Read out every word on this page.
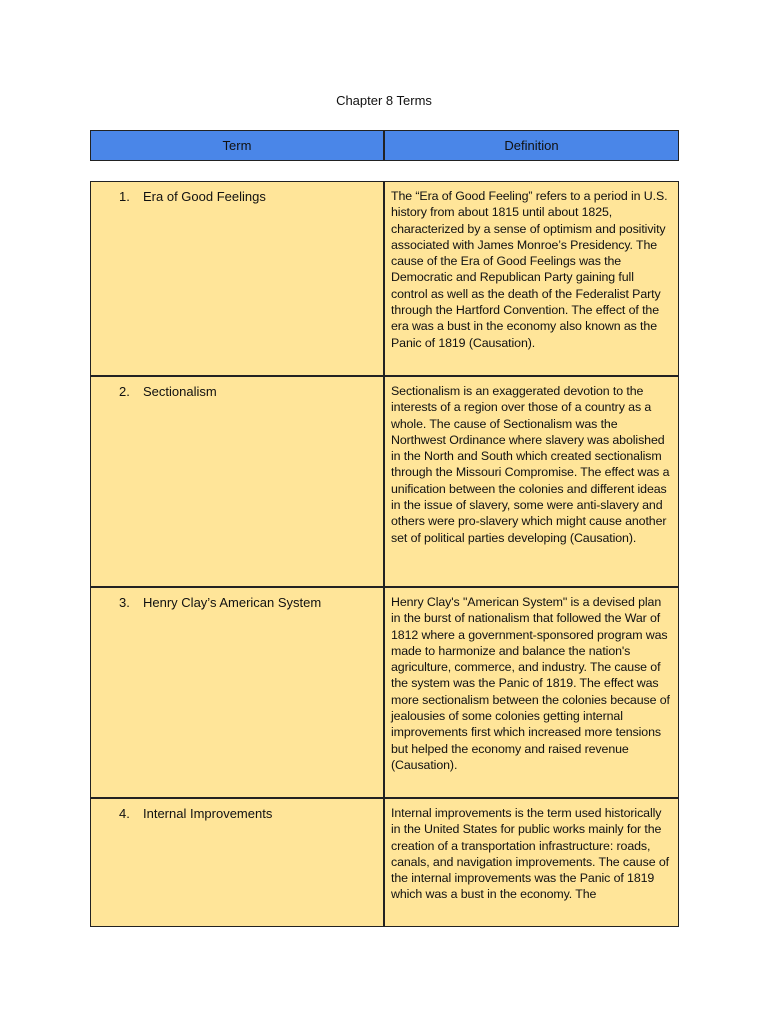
Chapter 8 Terms
Term	Definition
1. Era of Good Feelings	The “Era of Good Feeling” refers to a period in U.S. history from about 1815 until about 1825, characterized by a sense of optimism and positivity associated with James Monroe’s Presidency. The cause of the Era of Good Feelings was the Democratic and Republican Party gaining full control as well as the death of the Federalist Party through the Hartford Convention. The effect of the era was a bust in the economy also known as the Panic of 1819 (Causation).
2. Sectionalism	Sectionalism is an exaggerated devotion to the interests of a region over those of a country as a whole. The cause of Sectionalism was the Northwest Ordinance where slavery was abolished in the North and South which created sectionalism through the Missouri Compromise. The effect was a unification between the colonies and different ideas in the issue of slavery, some were anti-slavery and others were pro-slavery which might cause another set of political parties developing (Causation).
3. Henry Clay’s American System	Henry Clay's "American System" is a devised plan in the burst of nationalism that followed the War of 1812 where a government-sponsored program was made to harmonize and balance the nation's agriculture, commerce, and industry. The cause of the system was the Panic of 1819. The effect was more sectionalism between the colonies because of jealousies of some colonies getting internal improvements first which increased more tensions but helped the economy and raised revenue (Causation).
4. Internal Improvements	Internal improvements is the term used historically in the United States for public works mainly for the creation of a transportation infrastructure: roads, canals, and navigation improvements. The cause of the internal improvements was the Panic of 1819 which was a bust in the economy. The
